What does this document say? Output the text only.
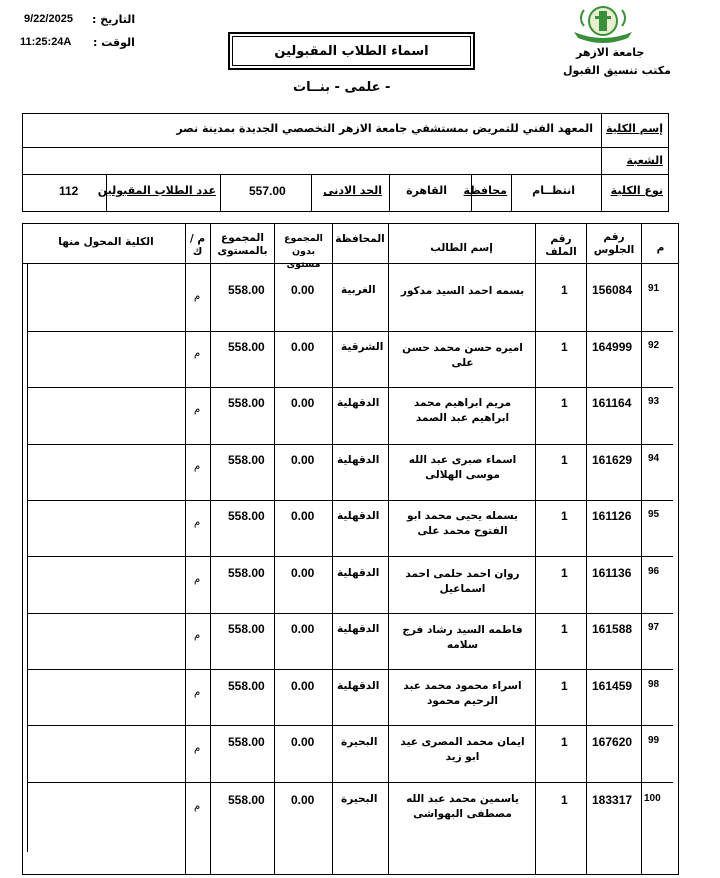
9/22/2025 التاريخ :
11:25:24A الوقت :
اسماء الطلاب المقبولين
- علمى - بنــات
جامعة الازهر
مكتب تنسيق القبول
إسم الكلية
المعهد الفني للتمريض بمستشفي جامعة الازهر التخصصي الجديدة بمدينة نصر
الشعبة
نوع الكلية
انتظــام
محافظة
القاهرة
الحد الادنى
557.00
عدد الطلاب المقبولين
112
م
رقم الجلوس
رقم الملف
إسم الطالب
المحافظة
المجموع بدون مستوى
المجموع بالمستوى
م / ك
الكلية المحول منها
91
156084
1
بسمه احمد السيد مدكور
الغربية
0.00
558.00
م
92
164999
1
اميره حسن محمد حسن على
الشرقية
0.00
558.00
م
93
161164
1
مريم ابراهيم محمد ابراهيم عبد الصمد
الدقهلية
0.00
558.00
م
94
161629
1
اسماء صبرى عبد الله موسى الهلالى
الدقهلية
0.00
558.00
م
95
161126
1
بسمله يحيى محمد ابو الفتوح محمد على
الدقهلية
0.00
558.00
م
96
161136
1
روان احمد حلمى احمد اسماعيل
الدقهلية
0.00
558.00
م
97
161588
1
فاطمه السيد رشاد فرج سلامه
الدقهلية
0.00
558.00
م
98
161459
1
اسراء محمود محمد عبد الرحيم محمود
الدقهلية
0.00
558.00
م
99
167620
1
ايمان محمد المصرى عيد ابو زيد
البحيرة
0.00
558.00
م
100
183317
1
ياسمين محمد عبد الله مصطفى البهواشى
البحيرة
0.00
558.00
م
